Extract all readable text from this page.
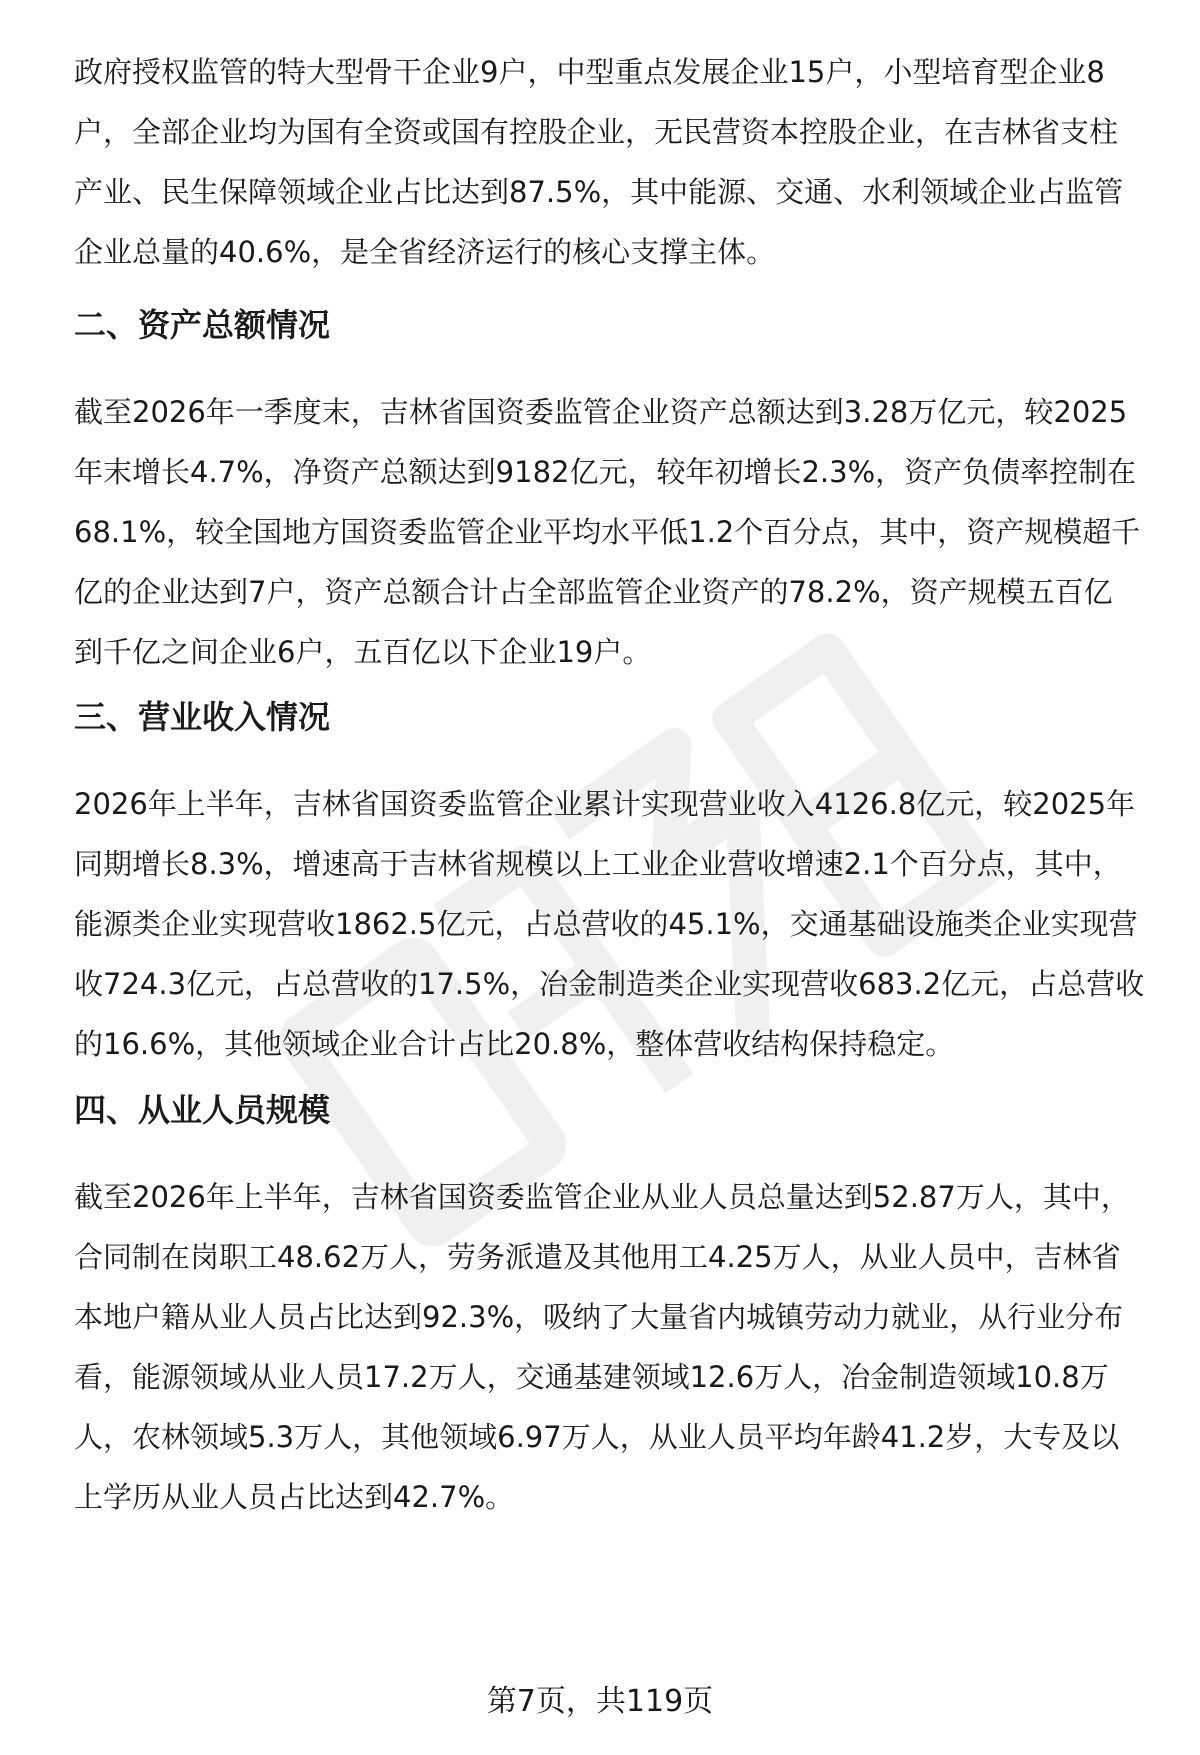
政府授权监管的特大型骨干企业9户，中型重点发展企业15户，小型培育型企业8
户，全部企业均为国有全资或国有控股企业，无民营资本控股企业，在吉林省支柱
产业、民生保障领域企业占比达到87.5%，其中能源、交通、水利领域企业占监管
企业总量的40.6%，是全省经济运行的核心支撑主体。

二、资产总额情况

截至2026年一季度末，吉林省国资委监管企业资产总额达到3.28万亿元，较2025
年末增长4.7%，净资产总额达到9182亿元，较年初增长2.3%，资产负债率控制在
68.1%，较全国地方国资委监管企业平均水平低1.2个百分点，其中，资产规模超千
亿的企业达到7户，资产总额合计占全部监管企业资产的78.2%，资产规模五百亿
到千亿之间企业6户，五百亿以下企业19户。

三、营业收入情况

2026年上半年，吉林省国资委监管企业累计实现营业收入4126.8亿元，较2025年
同期增长8.3%，增速高于吉林省规模以上工业企业营收增速2.1个百分点，其中，
能源类企业实现营收1862.5亿元，占总营收的45.1%，交通基础设施类企业实现营
收724.3亿元，占总营收的17.5%，冶金制造类企业实现营收683.2亿元，占总营收
的16.6%，其他领域企业合计占比20.8%，整体营收结构保持稳定。

四、从业人员规模

截至2026年上半年，吉林省国资委监管企业从业人员总量达到52.87万人，其中，
合同制在岗职工48.62万人，劳务派遣及其他用工4.25万人，从业人员中，吉林省
本地户籍从业人员占比达到92.3%，吸纳了大量省内城镇劳动力就业，从行业分布
看，能源领域从业人员17.2万人，交通基建领域12.6万人，冶金制造领域10.8万
人，农林领域5.3万人，其他领域6.97万人，从业人员平均年龄41.2岁，大专及以
上学历从业人员占比达到42.7%。

第7页，共119页
